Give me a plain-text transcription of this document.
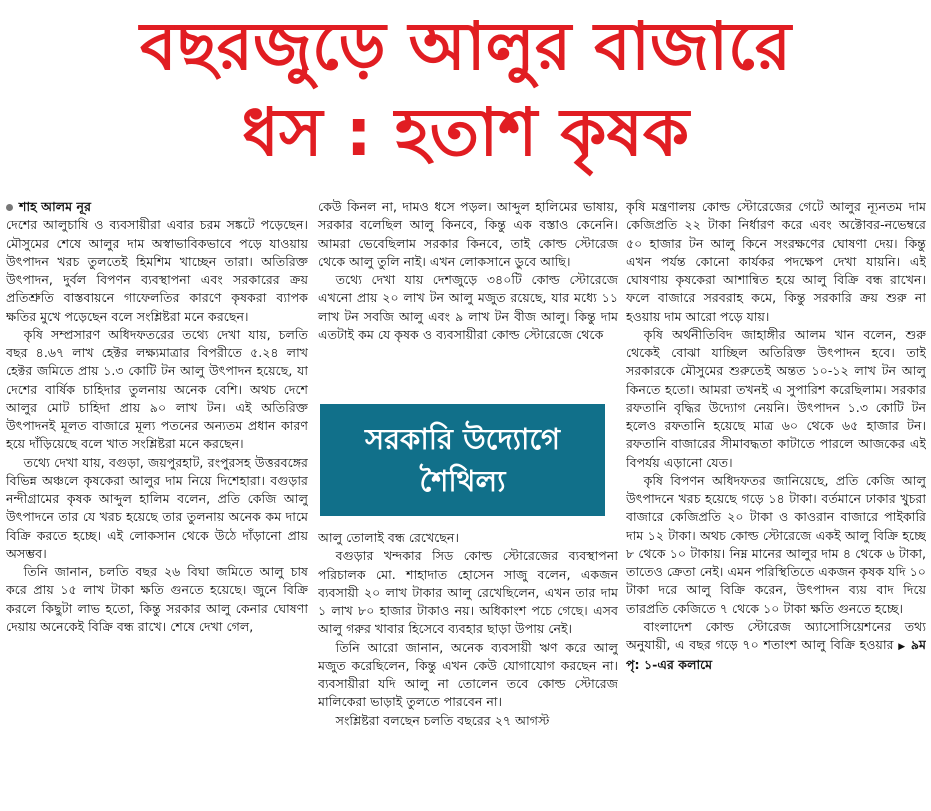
বছরজুড়ে আলুর বাজারে
ধস : হতাশ কৃষক

শাহ আলম নূর

দেশের আলুচাষি ও ব্যবসায়ীরা এবার চরম সঙ্কটে পড়েছেন। মৌসুমের শেষে আলুর দাম অস্বাভাবিকভাবে পড়ে যাওয়ায় উৎপাদন খরচ তুলতেই হিমশিম খাচ্ছেন তারা। অতিরিক্ত উৎপাদন, দুর্বল বিপণন ব্যবস্থাপনা এবং সরকারের ক্রয় প্রতিশ্রুতি বাস্তবায়নে গাফেলতির কারণে কৃষকরা ব্যাপক ক্ষতির মুখে পড়েছেন বলে সংশ্লিষ্টরা মনে করছেন।

কৃষি সম্প্রসারণ অধিদফতরের তথ্যে দেখা যায়, চলতি বছর ৪.৬৭ লাখ হেক্টর লক্ষ্যমাত্রার বিপরীতে ৫.২৪ লাখ হেক্টর জমিতে প্রায় ১.৩ কোটি টন আলু উৎপাদন হয়েছে, যা দেশের বার্ষিক চাহিদার তুলনায় অনেক বেশি। অথচ দেশে আলুর মোট চাহিদা প্রায় ৯০ লাখ টন। এই অতিরিক্ত উৎপাদনই মূলত বাজারে মূল্য পতনের অন্যতম প্রধান কারণ হয়ে দাঁড়িয়েছে বলে খাত সংশ্লিষ্টরা মনে করছেন।

তথ্যে দেখা যায়, বগুড়া, জয়পুরহাট, রংপুরসহ উত্তরবঙ্গের বিভিন্ন অঞ্চলে কৃষকেরা আলুর দাম নিয়ে দিশেহারা। বগুড়ার নন্দীগ্রামের কৃষক আব্দুল হালিম বলেন, প্রতি কেজি আলু উৎপাদনে তার যে খরচ হয়েছে তার তুলনায় অনেক কম দামে বিক্রি করতে হচ্ছে। এই লোকসান থেকে উঠে দাঁড়ানো প্রায় অসম্ভব।

তিনি জানান, চলতি বছর ২৬ বিঘা জমিতে আলু চাষ করে প্রায় ১৫ লাখ টাকা ক্ষতি গুনতে হয়েছে। জুনে বিক্রি করলে কিছুটা লাভ হতো, কিন্তু সরকার আলু কেনার ঘোষণা দেয়ায় অনেকেই বিক্রি বন্ধ রাখে। শেষে দেখা গেল,

কেউ কিনল না, দামও ধসে পড়ল। আব্দুল হালিমের ভাষায়, সরকার বলেছিল আলু কিনবে, কিন্তু এক বস্তাও কেনেনি। আমরা ভেবেছিলাম সরকার কিনবে, তাই কোল্ড স্টোরেজ থেকে আলু তুলি নাই। এখন লোকসানে ডুবে আছি।

তথ্যে দেখা যায় দেশজুড়ে ৩৪০টি কোল্ড স্টোরেজে এখনো প্রায় ২০ লাখ টন আলু মজুত রয়েছে, যার মধ্যে ১১ লাখ টন সবজি আলু এবং ৯ লাখ টন বীজ আলু। কিন্তু দাম এতটাই কম যে কৃষক ও ব্যবসায়ীরা কোল্ড স্টোরেজে থেকে

সরকারি উদ্যোগে
শৈথিল্য

আলু তোলাই বন্ধ রেখেছেন।

বগুড়ার খন্দকার সিড কোল্ড স্টোরেজের ব্যবস্থাপনা পরিচালক মো. শাহাদাত হোসেন সাজু বলেন, একজন ব্যবসায়ী ২০ লাখ টাকার আলু রেখেছিলেন, এখন তার দাম ১ লাখ ৮০ হাজার টাকাও নয়। অধিকাংশ পচে গেছে। এসব আলু গরুর খাবার হিসেবে ব্যবহার ছাড়া উপায় নেই।

তিনি আরো জানান, অনেক ব্যবসায়ী ঋণ করে আলু মজুত করেছিলেন, কিন্তু এখন কেউ যোগাযোগ করছেন না। ব্যবসায়ীরা যদি আলু না তোলেন তবে কোল্ড স্টোরেজ মালিকেরা ভাড়াই তুলতে পারবেন না।

সংশ্লিষ্টরা বলছেন চলতি বছরের ২৭ আগস্ট

কৃষি মন্ত্রণালয় কোল্ড স্টোরেজের গেটে আলুর ন্যূনতম দাম কেজিপ্রতি ২২ টাকা নির্ধারণ করে এবং অক্টোবর-নভেম্বরে ৫০ হাজার টন আলু কিনে সংরক্ষণের ঘোষণা দেয়। কিন্তু এখন পর্যন্ত কোনো কার্যকর পদক্ষেপ দেখা যায়নি। এই ঘোষণায় কৃষকেরা আশান্বিত হয়ে আলু বিক্রি বন্ধ রাখেন। ফলে বাজারে সরবরাহ কমে, কিন্তু সরকারি ক্রয় শুরু না হওয়ায় দাম আরো পড়ে যায়।

কৃষি অর্থনীতিবিদ জাহাঙ্গীর আলম খান বলেন, শুরু থেকেই বোঝা যাচ্ছিল অতিরিক্ত উৎপাদন হবে। তাই সরকারকে মৌসুমের শুরুতেই অন্তত ১০-১২ লাখ টন আলু কিনতে হতো। আমরা তখনই এ সুপারিশ করেছিলাম। সরকার রফতানি বৃদ্ধির উদ্যোগ নেয়নি। উৎপাদন ১.৩ কোটি টন হলেও রফতানি হয়েছে মাত্র ৬০ থেকে ৬৫ হাজার টন। রফতানি বাজারের সীমাবদ্ধতা কাটাতে পারলে আজকের এই বিপর্যয় এড়ানো যেত।

কৃষি বিপণন অধিদফতর জানিয়েছে, প্রতি কেজি আলু উৎপাদনে খরচ হয়েছে গড়ে ১৪ টাকা। বর্তমানে ঢাকার খুচরা বাজারে কেজিপ্রতি ২০ টাকা ও কাওরান বাজারে পাইকারি দাম ১২ টাকা। অথচ কোল্ড স্টোরেজে একই আলু বিক্রি হচ্ছে ৮ থেকে ১০ টাকায়। নিম্ন মানের আলুর দাম ৪ থেকে ৬ টাকা, তাতেও ক্রেতা নেই। এমন পরিস্থিতিতে একজন কৃষক যদি ১০ টাকা দরে আলু বিক্রি করেন, উৎপাদন ব্যয় বাদ দিয়ে তারপ্রতি কেজিতে ৭ থেকে ১০ টাকা ক্ষতি গুনতে হচ্ছে।

বাংলাদেশ কোল্ড স্টোরেজ অ্যাসোসিয়েশনের তথ্য অনুযায়ী, এ বছর গড়ে ৭০ শতাংশ আলু বিক্রি হওয়ার ▶ ৯ম পৃ: ১-এর কলামে
